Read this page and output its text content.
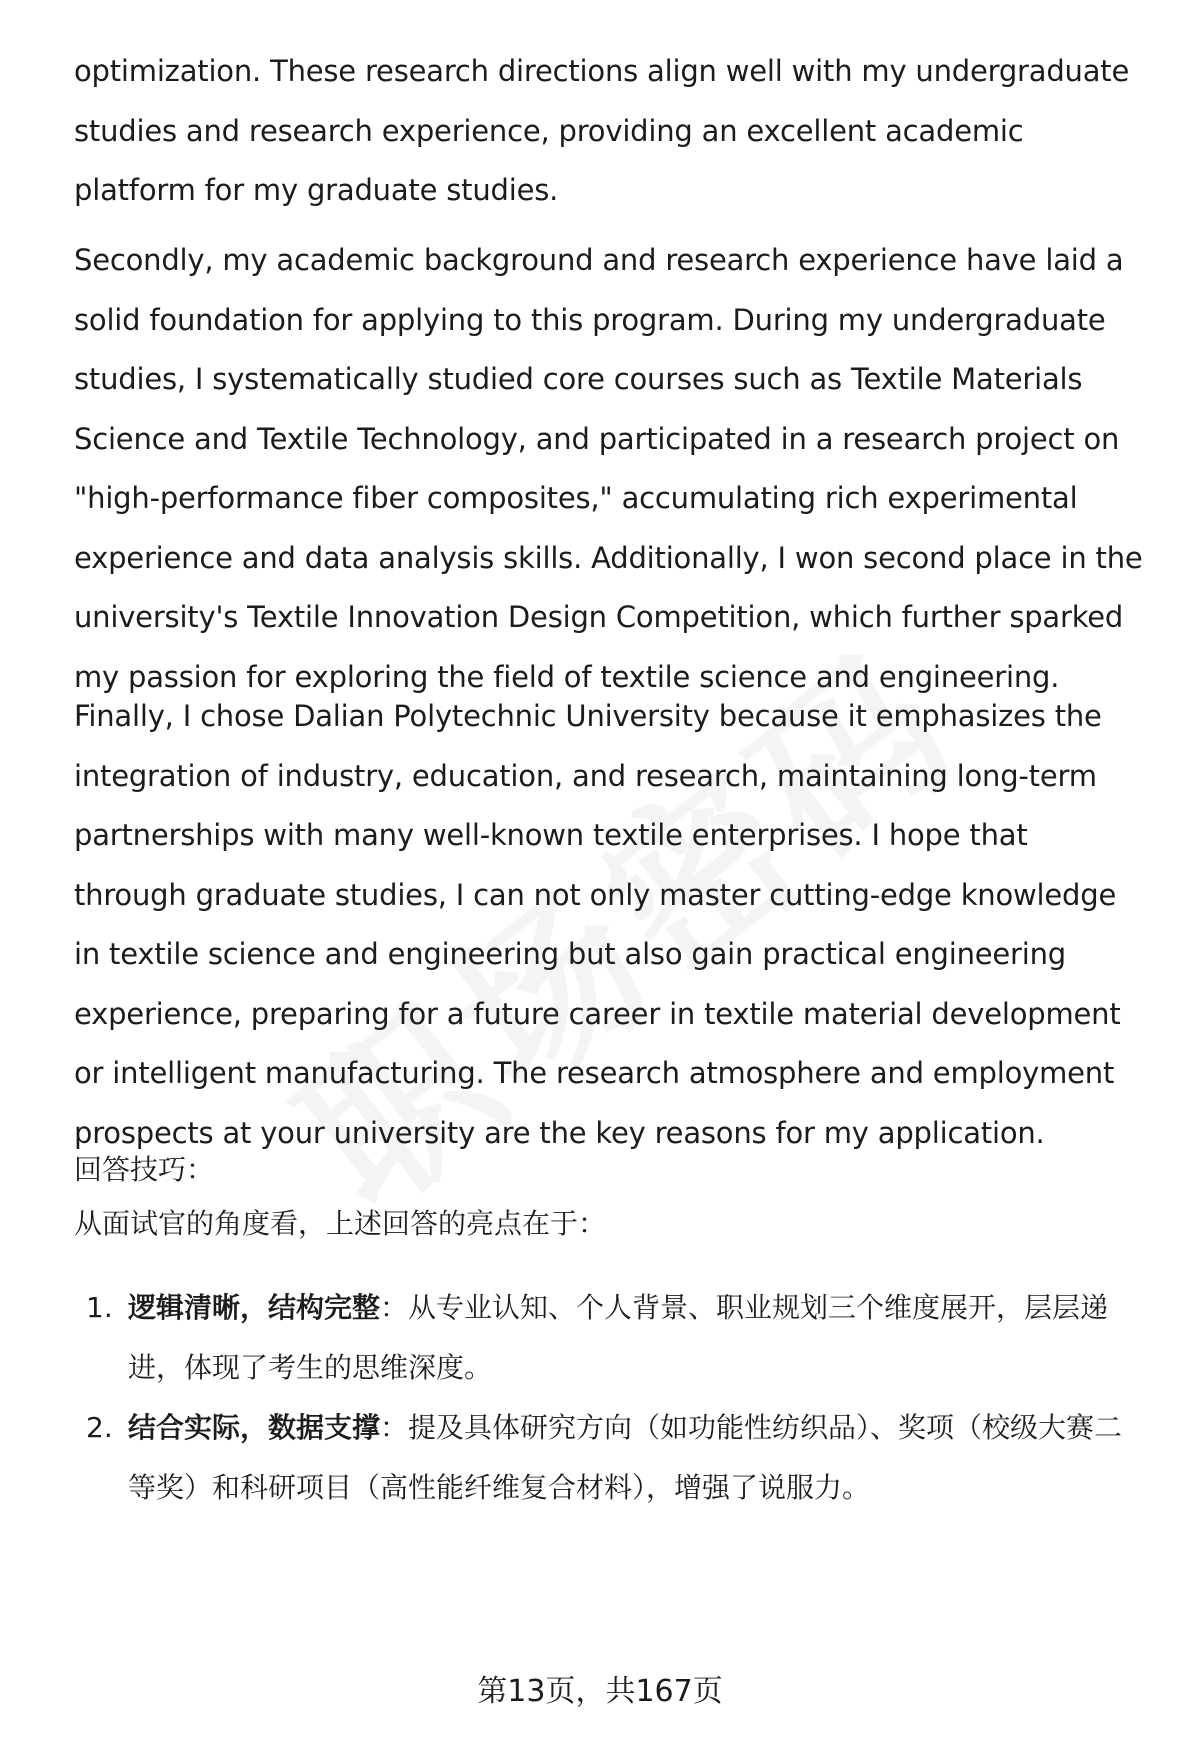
optimization. These research directions align well with my undergraduate studies and research experience, providing an excellent academic platform for my graduate studies.

Secondly, my academic background and research experience have laid a solid foundation for applying to this program. During my undergraduate studies, I systematically studied core courses such as Textile Materials Science and Textile Technology, and participated in a research project on "high-performance fiber composites," accumulating rich experimental experience and data analysis skills. Additionally, I won second place in the university's Textile Innovation Design Competition, which further sparked my passion for exploring the field of textile science and engineering.

Finally, I chose Dalian Polytechnic University because it emphasizes the integration of industry, education, and research, maintaining long-term partnerships with many well-known textile enterprises. I hope that through graduate studies, I can not only master cutting-edge knowledge in textile science and engineering but also gain practical engineering experience, preparing for a future career in textile material development or intelligent manufacturing. The research atmosphere and employment prospects at your university are the key reasons for my application.

回答技巧：

从面试官的角度看，上述回答的亮点在于：

1. 逻辑清晰，结构完整：从专业认知、个人背景、职业规划三个维度展开，层层递进，体现了考生的思维深度。
2. 结合实际，数据支撑：提及具体研究方向（如功能性纺织品）、奖项（校级大赛二等奖）和科研项目（高性能纤维复合材料），增强了说服力。
第13页，共167页
